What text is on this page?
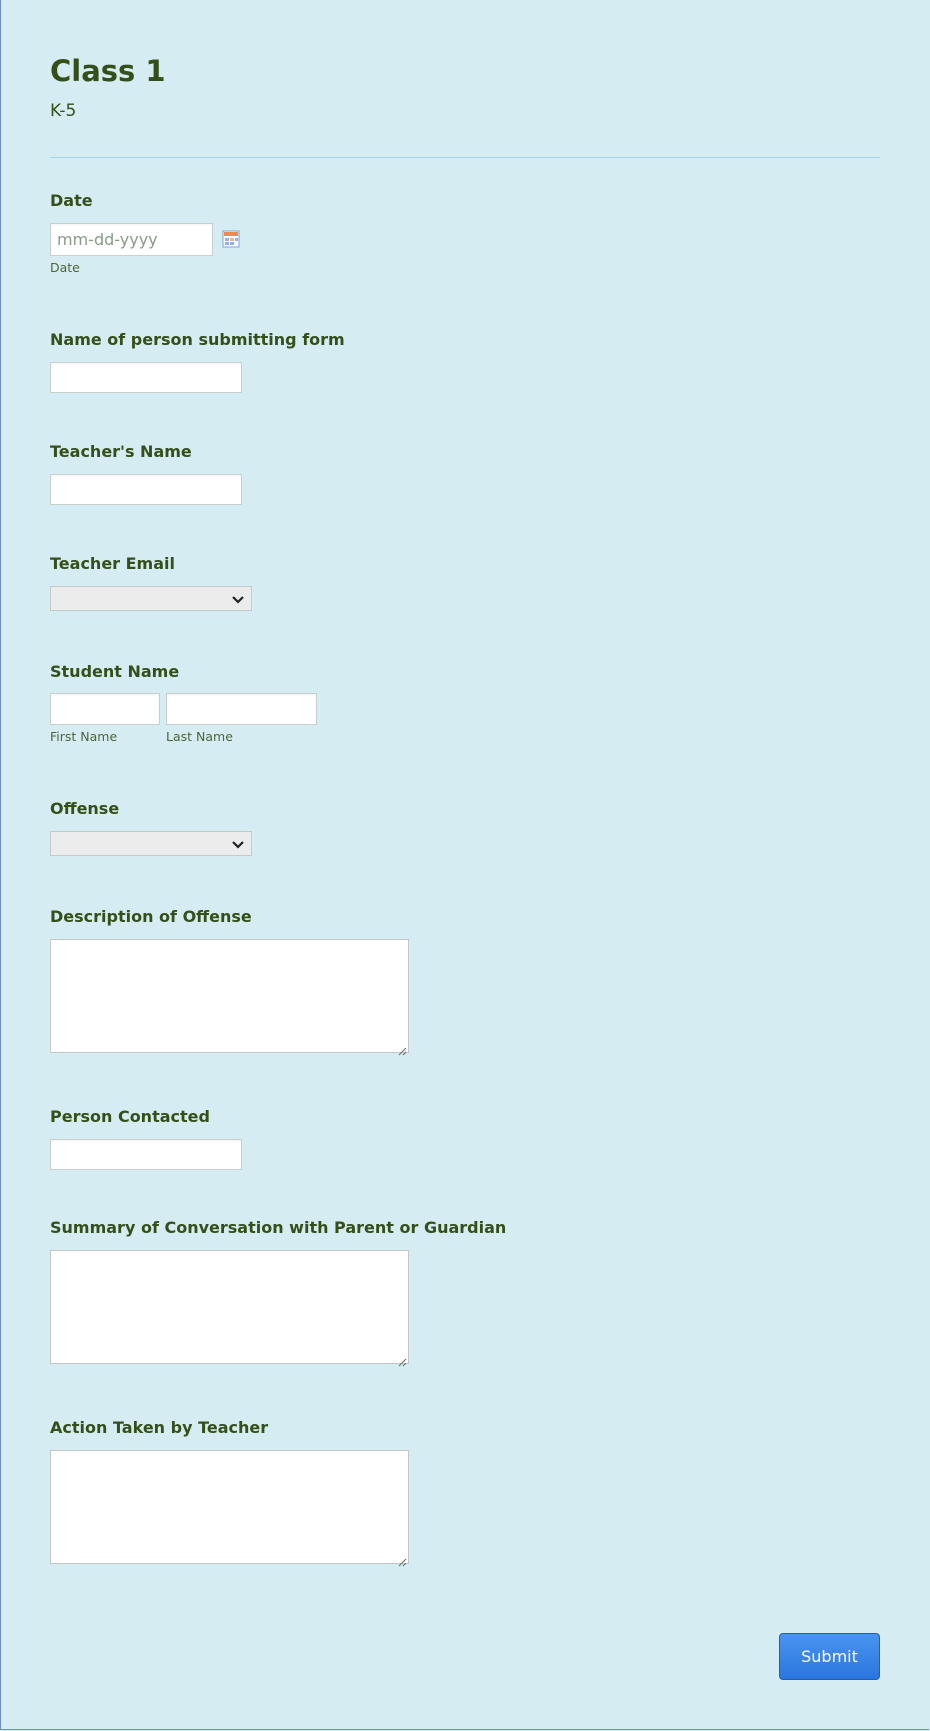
Class 1
K-5
Date
mm-dd-yyyy
Date
Name of person submitting form
Teacher's Name
Teacher Email
Student Name
First Name	Last Name
Offense
Description of Offense
Person Contacted
Summary of Conversation with Parent or Guardian
Action Taken by Teacher
Submit
